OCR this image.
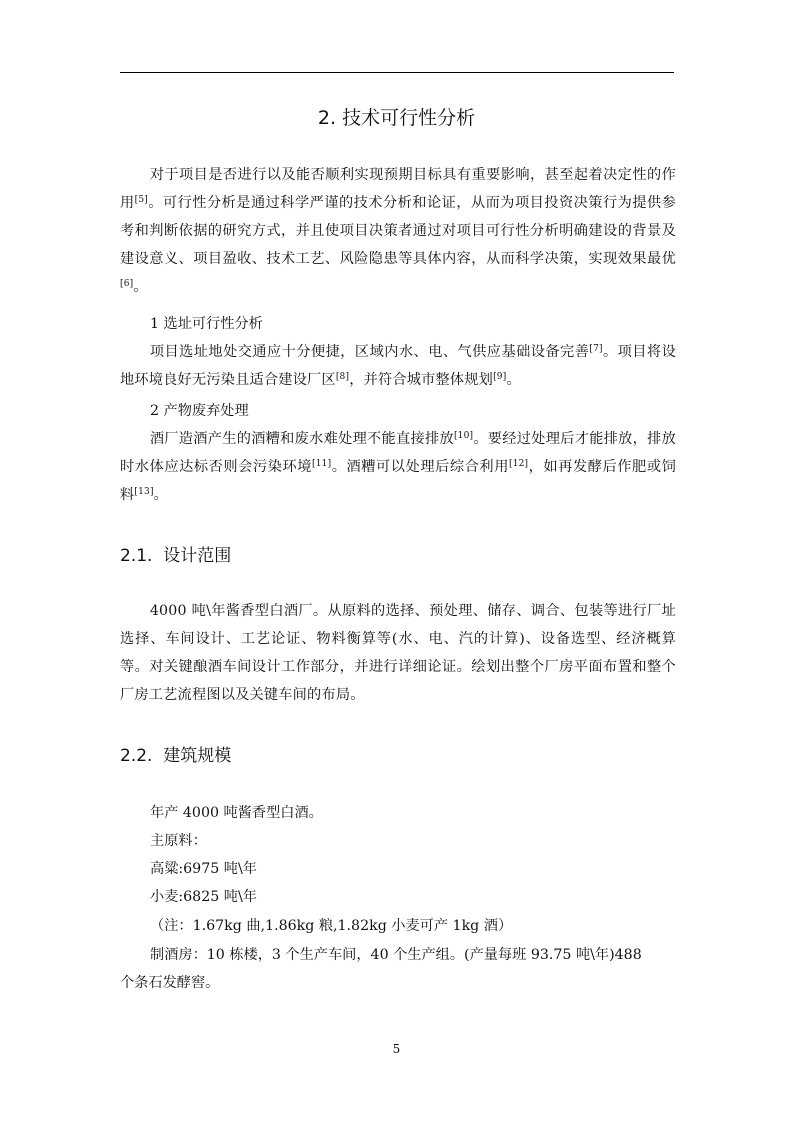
2. 技术可行性分析

对于项目是否进行以及能否顺利实现预期目标具有重要影响，甚至起着决定性的作用[5]。可行性分析是通过科学严谨的技术分析和论证，从而为项目投资决策行为提供参考和判断依据的研究方式，并且使项目决策者通过对项目可行性分析明确建设的背景及建设意义、项目盈收、技术工艺、风险隐患等具体内容，从而科学决策，实现效果最优[6]。

1 选址可行性分析

项目选址地处交通应十分便捷，区域内水、电、气供应基础设备完善[7]。项目将设地环境良好无污染且适合建设厂区[8]，并符合城市整体规划[9]。

2 产物废弃处理

酒厂造酒产生的酒糟和废水难处理不能直接排放[10]。要经过处理后才能排放，排放时水体应达标否则会污染环境[11]。酒糟可以处理后综合利用[12]，如再发酵后作肥或饲料[13]。

2.1. 设计范围

4000 吨\年酱香型白酒厂。从原料的选择、预处理、储存、调合、包装等进行厂址选择、车间设计、工艺论证、物料衡算等(水、电、汽的计算)、设备选型、经济概算等。对关键酿酒车间设计工作部分，并进行详细论证。绘划出整个厂房平面布置和整个厂房工艺流程图以及关键车间的布局。

2.2. 建筑规模

年产 4000 吨酱香型白酒。

主原料：

高粱:6975 吨\年

小麦:6825 吨\年

（注：1.67kg 曲,1.86kg 粮,1.82kg 小麦可产 1kg 酒）

制酒房：10 栋楼，3 个生产车间，40 个生产组。(产量每班 93.75 吨\年)488

个条石发酵窖。

5
